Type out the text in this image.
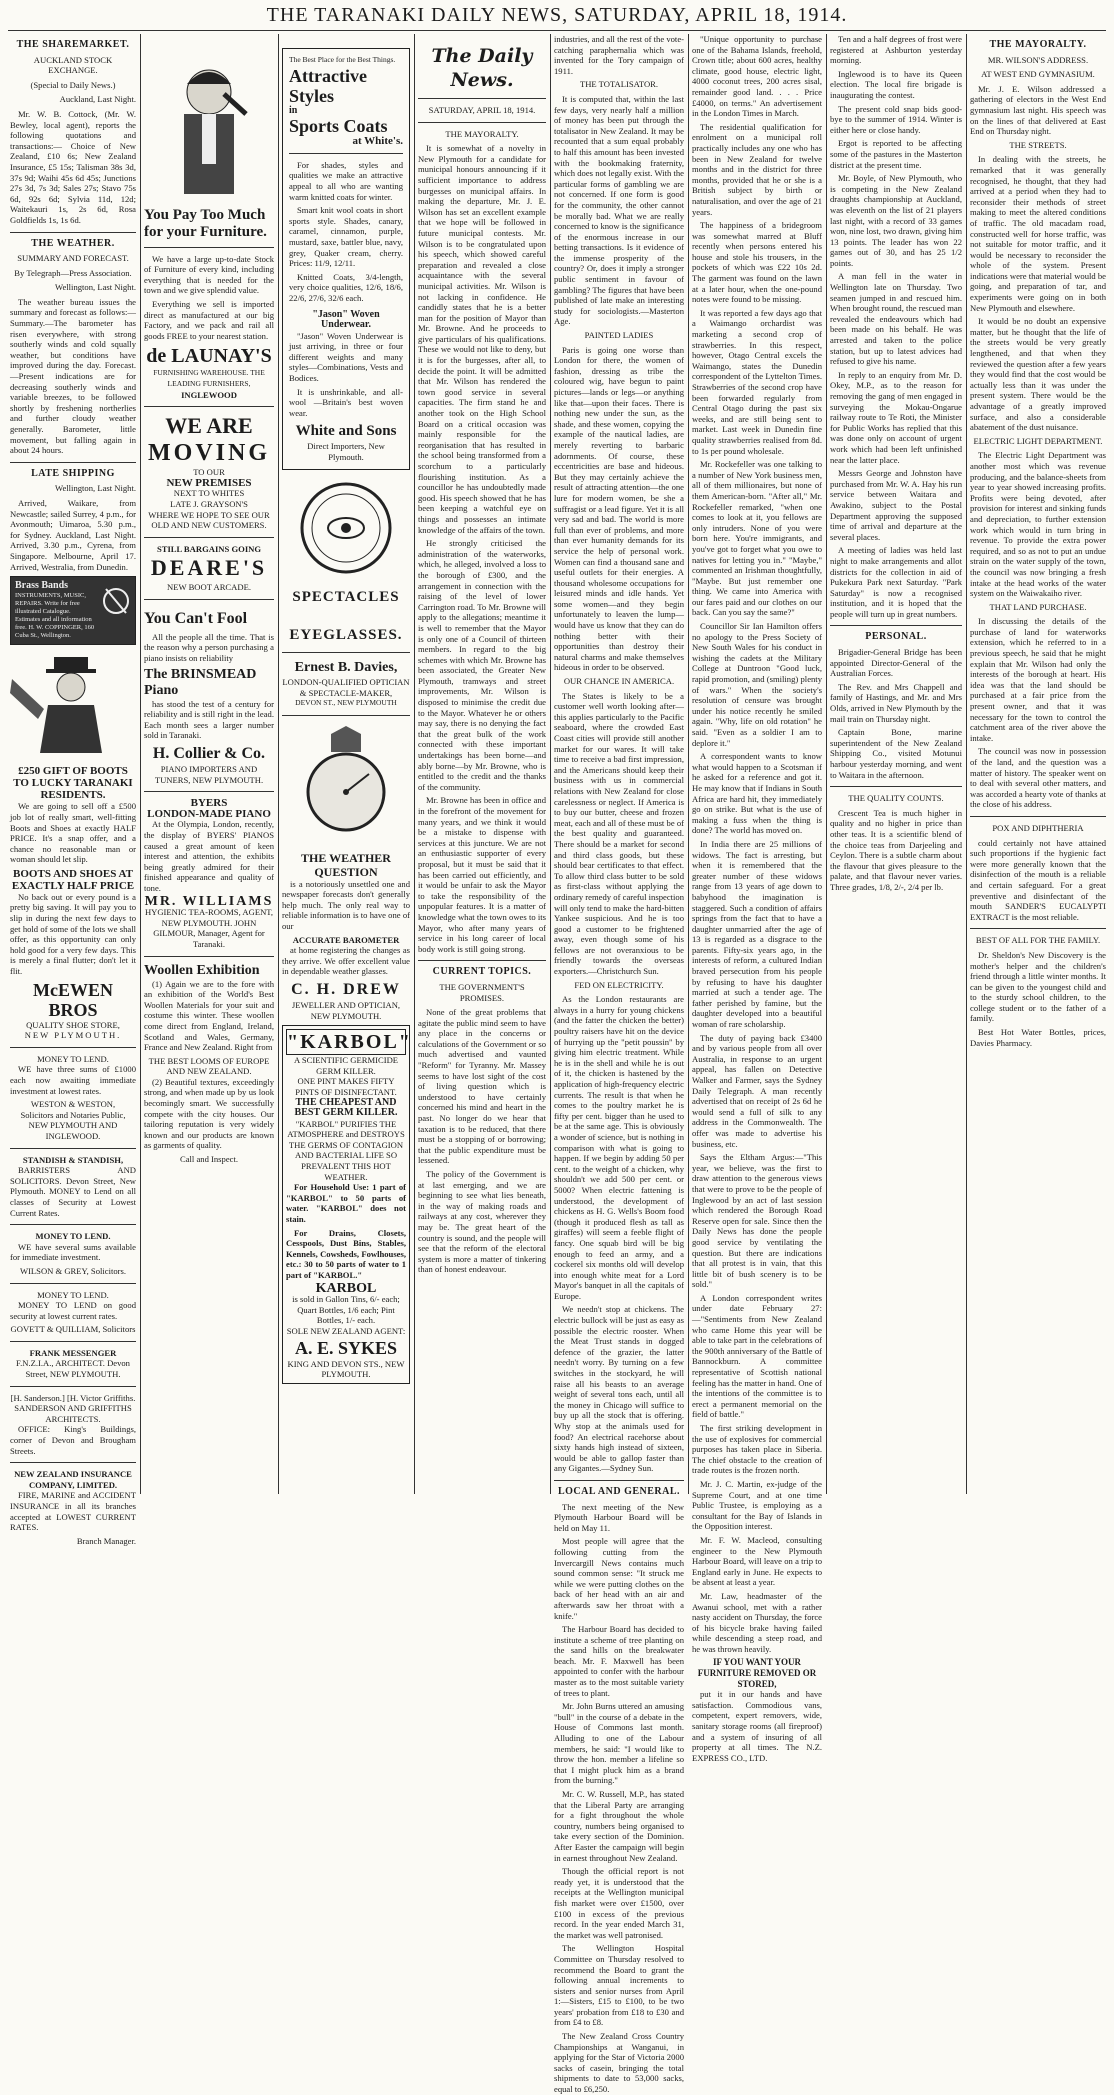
THE TARANAKI DAILY NEWS, SATURDAY, APRIL 18, 1914.
THE SHAREMARKET.
AUCKLAND STOCK EXCHANGE.
(Special to Daily News.)
Auckland, Last Night.

Mr. W. B. Cottock, (Mr. W. Bewley, local agent), reports the following quotations and transactions:— Choice of New Zealand, £10 6s; New Zealand Insurance, £5 15s; Talisman 38s 3d, 37s 9d; Waihi 45s 6d 45s; Junctions 27s 3d, 7s 3d; Sales 27s; Stavo 75s 6d, 92s 6d; Sylvia 11d, 12d; Waitekauri 1s, 2s 6d, Rosa Goldfields 1s, 1s 6d.

THE WEATHER.
SUMMARY AND FORECAST.
By Telegraph—Press Association.
Wellington, Last Night.

The weather bureau issues the summary and forecast as follows:— Summary.—The barometer has risen everywhere, with strong southerly winds and cold squally weather, but conditions have improved during the day. Forecast.—Present indications are for decreasing southerly winds and variable breezes, to be followed shortly by freshening northerlies and further cloudy weather generally. Barometer, little movement, but falling again in about 24 hours.

LATE SHIPPING
Wellington, Last Night.

Arrived, Waikare, from Newcastle; sailed Surrey, 4 p.m., for Avonmouth; Uimaroa, 5.30 p.m., for Sydney. Auckland, Last Night. Arrived, 3.30 p.m., Cyrena, from Singapore. Melbourne, April 17. Arrived, Westralia, from Dunedin.

Brass Bands
INSTRUMENTS, MUSIC, REPAIRS. Write for free illustrated Catalogue. Estimates and all information free. H. W. COPPINGER, 160 Cuba St., Wellington.
£250 GIFT OF BOOTS TO LUCKY TARANAKI RESIDENTS.

We are going to sell off a £500 job lot of really smart, well-fitting Boots and Shoes at exactly HALF PRICE. It's a snap offer, and a chance no reasonable man or woman should let slip.

BOOTS AND SHOES AT EXACTLY HALF PRICE

No back out or every pound is a pretty big saving. It will pay you to slip in during the next few days to get hold of some of the lots we shall offer, as this opportunity can only hold good for a very few days. This is merely a final flutter; don't let it flit.

McEWEN BROS
QUALITY SHOE STORE,
NEW PLYMOUTH.
MONEY TO LEND.

WE have three sums of £1000 each now awaiting immediate investment at lowest rates.

WESTON & WESTON,
Solicitors and Notaries Public, NEW PLYMOUTH AND INGLEWOOD.
STANDISH & STANDISH,

BARRISTERS AND SOLICITORS. Devon Street, New Plymouth. MONEY to Lend on all classes of Security at Lowest Current Rates.

MONEY TO LEND.

WE have several sums available for immediate investment.

WILSON & GREY, Solicitors.
MONEY TO LEND.

MONEY TO LEND on good security at lowest current rates.

GOVETT & QUILLIAM, Solicitors
FRANK MESSENGER
F.N.Z.I.A., ARCHITECT. Devon Street, NEW PLYMOUTH.
[H. Sanderson.] [H. Victor Griffiths. SANDERSON AND GRIFFITHS ARCHITECTS.

OFFICE: King's Buildings, corner of Devon and Brougham Streets.

NEW ZEALAND INSURANCE COMPANY, LIMITED.

FIRE, MARINE and ACCIDENT INSURANCE in all its branches accepted at LOWEST CURRENT RATES.

Branch Manager.
You Pay Too Much for your Furniture.

We have a large up-to-date Stock of Furniture of every kind, including everything that is needed for the town and we give splendid value.

Everything we sell is imported direct as manufactured at our big Factory, and we pack and rail all goods FREE to your nearest station.

de LAUNAY'S
FURNISHING WAREHOUSE. THE LEADING FURNISHERS,
INGLEWOOD
WE ARE
MOVING
TO OUR
NEW PREMISES
NEXT TO WHITES
LATE J. GRAYSON'S
WHERE WE HOPE TO SEE OUR OLD AND NEW CUSTOMERS.
STILL BARGAINS GOING
DEARE'S
NEW BOOT ARCADE.
You Can't Fool

All the people all the time. That is the reason why a person purchasing a piano insists on reliability

The BRINSMEAD Piano

has stood the test of a century for reliability and is still right in the lead. Each month sees a larger number sold in Taranaki.

H. Collier & Co.
PIANO IMPORTERS AND TUNERS, NEW PLYMOUTH.
BYERS
LONDON-MADE PIANO

At the Olympia, London, recently, the display of BYERS' PIANOS caused a great amount of keen interest and attention, the exhibits being greatly admired for their finished appearance and quality of tone.

MR. WILLIAMS
HYGIENIC TEA-ROOMS, AGENT, NEW PLYMOUTH. JOHN GILMOUR, Manager, Agent for Taranaki.
Woollen Exhibition

(1) Again we are to the fore with an exhibition of the World's Best Woollen Materials for your suit and costume this winter. These woollen come direct from England, Ireland, Scotland and Wales, Germany, France and New Zealand. Right from

THE BEST LOOMS OF EUROPE AND NEW ZEALAND.

(2) Beautiful textures, exceedingly strong, and when made up by us look becomingly smart. We successfully compete with the city houses. Our tailoring reputation is very widely known and our products are known as garments of quality.

Call and Inspect.
The Best Place for the Best Things.
Attractive
Styles
in
Sports Coats
at White's.

For shades, styles and qualities we make an attractive appeal to all who are wanting warm knitted coats for winter.

Smart knit wool coats in short sports style. Shades, canary, caramel, cinnamon, purple, mustard, saxe, battler blue, navy, grey, Quaker cream, cherry. Prices: 11/9, 12/11.

Knitted Coats, 3/4-length, very choice qualities, 12/6, 18/6, 22/6, 27/6, 32/6 each.

"Jason" Woven Underwear.

"Jason" Woven Underwear is just arriving, in three or four different weights and many styles—Combinations, Vests and Bodices.

It is unshrinkable, and all-wool —Britain's best woven wear.

White and Sons
Direct Importers, New Plymouth.
SPECTACLES
EYEGLASSES.
Ernest B. Davies,
LONDON-QUALIFIED OPTICIAN & SPECTACLE-MAKER,
DEVON ST., NEW PLYMOUTH
THE WEATHER QUESTION

is a notoriously unsettled one and newspaper forecasts don't generally help much. The only real way to reliable information is to have one of our

ACCURATE BAROMETER

at home registering the changes as they arrive. We offer excellent value in dependable weather glasses.

C. H. DREW
JEWELLER AND OPTICIAN, NEW PLYMOUTH.
"KARBOL"
A SCIENTIFIC GERMICIDE GERM KILLER.
ONE PINT MAKES FIFTY PINTS OF DISINFECTANT.
THE CHEAPEST AND BEST GERM KILLER.
"KARBOL" PURIFIES THE ATMOSPHERE and DESTROYS THE GERMS OF CONTAGION AND BACTERIAL LIFE SO PREVALENT THIS HOT WEATHER.

For Household Use: 1 part of "KARBOL" to 50 parts of water. "KARBOL" does not stain.

For Drains, Closets, Cesspools, Dust Bins, Stables, Kennels, Cowsheds, Fowlhouses, etc.: 30 to 50 parts of water to 1 part of "KARBOL."

KARBOL
is sold in Gallon Tins, 6/- each; Quart Bottles, 1/6 each; Pint Bottles, 1/- each.
SOLE NEW ZEALAND AGENT:
A. E. SYKES
KING AND DEVON STS., NEW PLYMOUTH.
The Daily News.
SATURDAY, APRIL 18, 1914.
THE MAYORALTY.

It is somewhat of a novelty in New Plymouth for a candidate for municipal honours announcing if it sufficient importance to address burgesses on municipal affairs. In making the departure, Mr. J. E. Wilson has set an excellent example that we hope will be followed in future municipal contests. Mr. Wilson is to be congratulated upon his speech, which showed careful preparation and revealed a close acquaintance with the several municipal activities. Mr. Wilson is not lacking in confidence. He candidly states that he is a better man for the position of Mayor than Mr. Browne. And he proceeds to give particulars of his qualifications. These we would not like to deny, but it is for the burgesses, after all, to decide the point. It will be admitted that Mr. Wilson has rendered the town good service in several capacities. The firm stand he and another took on the High School Board on a critical occasion was mainly responsible for the reorganisation that has resulted in the school being transformed from a scorchum to a particularly flourishing institution. As a councillor he has undoubtedly made good. His speech showed that he has been keeping a watchful eye on things and possesses an intimate knowledge of the affairs of the town.

He strongly criticised the administration of the waterworks, which, he alleged, involved a loss to the borough of £300, and the arrangement in connection with the raising of the level of lower Carrington road. To Mr. Browne will apply to the allegations; meantime it is well to remember that the Mayor is only one of a Council of thirteen members. In regard to the big schemes with which Mr. Browne has been associated, the Greater New Plymouth, tramways and street improvements, Mr. Wilson is disposed to minimise the credit due to the Mayor. Whatever he or others may say, there is no denying the fact that the great bulk of the work connected with these important undertakings has been borne—and ably borne—by Mr. Browne, who is entitled to the credit and the thanks of the community.

Mr. Browne has been in office and in the forefront of the movement for many years, and we think it would be a mistake to dispense with services at this juncture. We are not an enthusiastic supporter of every proposal, but it must be said that it has been carried out efficiently, and it would be unfair to ask the Mayor to take the responsibility of the unpopular features. It is a matter of knowledge what the town owes to its Mayor, who after many years of service in his long career of local body work is still going strong.

CURRENT TOPICS.
THE GOVERNMENT'S PROMISES.

None of the great problems that agitate the public mind seem to have any place in the concerns or calculations of the Government or so much advertised and vaunted "Reform" for Tyranny. Mr. Massey seems to have lost sight of the cost of living question which is understood to have certainly concerned his mind and heart in the past. No longer do we hear that taxation is to be reduced, that there must be a stopping of or borrowing; that the public expenditure must be lessened.

The policy of the Government is at last emerging, and we are beginning to see what lies beneath, in the way of making roads and railways at any cost, wherever they may be. The great heart of the country is sound, and the people will see that the reform of the electoral system is more a matter of tinkering than of honest endeavour.

industries, and all the rest of the vote-catching paraphernalia which was invented for the Tory campaign of 1911.

THE TOTALISATOR.

It is computed that, within the last few days, very nearly half a million of money has been put through the totalisator in New Zealand. It may be recounted that a sum equal probably to half this amount has been invested with the bookmaking fraternity, which does not legally exist. With the particular forms of gambling we are not concerned. If one form is good for the community, the other cannot be morally bad. What we are really concerned to know is the significance of the enormous increase in our betting transactions. Is it evidence of the immense prosperity of the country? Or, does it imply a stronger public sentiment in favour of gambling? The figures that have been published of late make an interesting study for sociologists.—Masterton Age.

PAINTED LADIES

Paris is going one worse than London for there, the women of fashion, dressing as tribe the coloured wig, have begun to paint pictures—lands or legs—or anything like that—upon their faces. There is nothing new under the sun, as the shade, and these women, copying the example of the nautical ladies, are merely reverting to barbaric adornments. Of course, these eccentricities are base and hideous. But they may certainly achieve the result of attracting attention—the one lure for modern women, be she a suffragist or a lead figure. Yet it is all very sad and bad. The world is more full than ever of problems, and more than ever humanity demands for its service the help of personal work. Women can find a thousand sane and useful outlets for their energies. A thousand wholesome occupations for leisured minds and idle hands. Yet some women—and they begin unfortunately to leaven the lump—would have us know that they can do nothing better with their opportunities than destroy their natural charms and make themselves hideous in order to be observed.

OUR CHANCE IN AMERICA.

The States is likely to be a customer well worth looking after—this applies particularly to the Pacific seaboard, where the crowded East Coast cities will provide still another market for our wares. It will take time to receive a bad first impression, and the Americans should keep their business with us in commercial relations with New Zealand for close carelessness or neglect. If America is to buy our butter, cheese and frozen meat, each and all of these must be of the best quality and guaranteed. There should be a market for second and third class goods, but these should bear certificates to that effect. To allow third class butter to be sold as first-class without applying the ordinary remedy of careful inspection will only tend to make the hard-bitten Yankee suspicious. And he is too good a customer to be frightened away, even though some of his fellows are not overanxious to be friendly towards the overseas exporters.—Christchurch Sun.

FED ON ELECTRICITY.

As the London restaurants are always in a hurry for young chickens (and the fatter the chicken the better) poultry raisers have hit on the device of hurrying up the "petit poussin" by giving him electric treatment. While he is in the shell and while he is out of it, the chicken is hastened by the application of high-frequency electric currents. The result is that when he comes to the poultry market he is fifty per cent. bigger than he used to be at the same age. This is obviously a wonder of science, but is nothing in comparison with what is going to happen. If we begin by adding 50 per cent. to the weight of a chicken, why shouldn't we add 500 per cent. or 5000? When electric fattening is understood, the development of chickens as H. G. Wells's Boom food (though it produced flesh as tall as giraffes) will seem a feeble flight of fancy. One squab bird will be big enough to feed an army, and a cockerel six months old will develop into enough white meat for a Lord Mayor's banquet in all the capitals of Europe.

We needn't stop at chickens. The electric bullock will be just as easy as possible the electric rooster. When the Meat Trust stands in dogged defence of the grazier, the latter needn't worry. By turning on a few switches in the stockyard, he will raise all his beasts to an average weight of several tons each, until all the money in Chicago will suffice to buy up all the stock that is offering. Why stop at the animals used for food? An electrical racehorse about sixty hands high instead of sixteen, would be able to gallop faster than any Gigantes.—Sydney Sun.

LOCAL AND GENERAL.

The next meeting of the New Plymouth Harbour Board will be held on May 11.

Most people will agree that the following cutting from the Invercargill News contains much sound common sense: "It struck me while we were putting clothes on the back of her head with an air and afterwards saw her throat with a knife."

The Harbour Board has decided to institute a scheme of tree planting on the sand hills on the breakwater beach. Mr. F. Maxwell has been appointed to confer with the harbour master as to the most suitable variety of trees to plant.

Mr. John Burns uttered an amusing "bull" in the course of a debate in the House of Commons last month. Alluding to one of the Labour members, he said: "I would like to throw the hon. member a lifeline so that I might pluck him as a brand from the burning."

Mr. C. W. Russell, M.P., has stated that the Liberal Party are arranging for a fight throughout the whole country, numbers being organised to take every section of the Dominion. After Easter the campaign will begin in earnest throughout New Zealand.

Though the official report is not ready yet, it is understood that the receipts at the Wellington municipal fish market were over £1500, over £100 in excess of the previous record. In the year ended March 31, the market was well patronised.

The Wellington Hospital Committee on Thursday resolved to recommend the Board to grant the following annual increments to sisters and senior nurses from April 1:—Sisters, £15 to £100, to be two years' probation from £18 to £30 and from £4 to £8.

The New Zealand Cross Country Championships at Wanganui, in applying for the Star of Victoria 2000 sacks of casein, bringing the total shipments to date to 53,000 sacks, equal to £6,250.

"Unique opportunity to purchase one of the Bahama Islands, freehold, Crown title; about 600 acres, healthy climate, good house, electric light, 4000 coconut trees, 200 acres sisal, remainder good land. . . . Price £4000, on terms." An advertisement in the London Times in March.

The residential qualification for enrolment on a municipal roll practically includes any one who has been in New Zealand for twelve months and in the district for three months, provided that he or she is a British subject by birth or naturalisation, and over the age of 21 years.

The happiness of a bridegroom was somewhat marred at Bluff recently when persons entered his house and stole his trousers, in the pockets of which was £22 10s 2d. The garment was found on the lawn at a later hour, when the one-pound notes were found to be missing.

It was reported a few days ago that a Waimango orchardist was marketing a second crop of strawberries. In this respect, however, Otago Central excels the Waimango, states the Dunedin correspondent of the Lyttelton Times. Strawberries of the second crop have been forwarded regularly from Central Otago during the past six weeks, and are still being sent to market. Last week in Dunedin fine quality strawberries realised from 8d. to 1s per pound wholesale.

Mr. Rockefeller was one talking to a number of New York business men, all of them millionaires, but none of them American-born. "After all," Mr. Rockefeller remarked, "when one comes to look at it, you fellows are only intruders. None of you were born here. You're immigrants, and you've got to forget what you owe to natives for letting you in." "Maybe," commented an Irishman thoughtfully, "Maybe. But just remember one thing. We came into America with our fares paid and our clothes on our back. Can you say the same?"

Councillor Sir Ian Hamilton offers no apology to the Press Society of New South Wales for his conduct in wishing the cadets at the Military College at Duntroon "Good luck, rapid promotion, and (smiling) plenty of wars." When the society's resolution of censure was brought under his notice recently he smiled again. "Why, life on old rotation" he said. "Even as a soldier I am to deplore it."

A correspondent wants to know what would happen to a Scotsman if he asked for a reference and got it. He may know that if Indians in South Africa are hard hit, they immediately go on strike. But what is the use of making a fuss when the thing is done? The world has moved on.

In India there are 25 millions of widows. The fact is arresting, but when it is remembered that the greater number of these widows range from 13 years of age down to babyhood the imagination is staggered. Such a condition of affairs springs from the fact that to have a daughter unmarried after the age of 13 is regarded as a disgrace to the parents. Fifty-six years ago, in the interests of reform, a cultured Indian braved persecution from his people by refusing to have his daughter married at such a tender age. The father perished by famine, but the daughter developed into a beautiful woman of rare scholarship.

The duty of paying back £3400 and by various people from all over Australia, in response to an urgent appeal, has fallen on Detective Walker and Farmer, says the Sydney Daily Telegraph. A man recently advertised that on receipt of 2s 6d he would send a full of silk to any address in the Commonwealth. The offer was made to advertise his business, etc.

Says the Eltham Argus:—"This year, we believe, was the first to draw attention to the generous views that were to prove to be the people of Inglewood by an act of last session which rendered the Borough Road Reserve open for sale. Since then the Daily News has done the people good service by ventilating the question. But there are indications that all protest is in vain, that this little bit of bush scenery is to be sold."

A London correspondent writes under date February 27:—"Sentiments from New Zealand who came Home this year will be able to take part in the celebrations of the 900th anniversary of the Battle of Bannockburn. A committee representative of Scottish national feeling has the matter in hand. One of the intentions of the committee is to erect a permanent memorial on the field of battle."

The first striking development in the use of explosives for commercial purposes has taken place in Siberia. The chief obstacle to the creation of trade routes is the frozen north.

Mr. J. C. Martin, ex-judge of the Supreme Court, and at one time Public Trustee, is employing as a consultant for the Bay of Islands in the Opposition interest.

Mr. F. W. Macleod, consulting engineer to the New Plymouth Harbour Board, will leave on a trip to England early in June. He expects to be absent at least a year.

Mr. Law, headmaster of the Awanui school, met with a rather nasty accident on Thursday, the force of his bicycle brake having failed while descending a steep road, and he was thrown heavily.

IF YOU WANT YOUR FURNITURE REMOVED OR STORED,

put it in our hands and have satisfaction. Commodious vans, competent, expert removers, wide, sanitary storage rooms (all fireproof) and a system of insuring of all property at all times. The N.Z. EXPRESS CO., LTD.

Ten and a half degrees of frost were registered at Ashburton yesterday morning.

Inglewood is to have its Queen election. The local fire brigade is inaugurating the contest.

The present cold snap bids good-bye to the summer of 1914. Winter is either here or close handy.

Ergot is reported to be affecting some of the pastures in the Masterton district at the present time.

Mr. Boyle, of New Plymouth, who is competing in the New Zealand draughts championship at Auckland, was eleventh on the list of 21 players last night, with a record of 33 games won, nine lost, two drawn, giving him 13 points. The leader has won 22 games out of 30, and has 25 1/2 points.

A man fell in the water in Wellington late on Thursday. Two seamen jumped in and rescued him. When brought round, the rescued man revealed the endeavours which had been made on his behalf. He was arrested and taken to the police station, but up to latest advices had refused to give his name.

In reply to an enquiry from Mr. D. Okey, M.P., as to the reason for removing the gang of men engaged in surveying the Mokau-Ongarue railway route to Te Roti, the Minister for Public Works has replied that this was done only on account of urgent work which had been left unfinished near the latter place.

Messrs George and Johnston have purchased from Mr. W. A. Hay his run service between Waitara and Awakino, subject to the Postal Department approving the supposed time of arrival and departure at the several places.

A meeting of ladies was held last night to make arrangements and allot districts for the collection in aid of Pukekura Park next Saturday. "Park Saturday" is now a recognised institution, and it is hoped that the people will turn up in great numbers.

PERSONAL.

Brigadier-General Bridge has been appointed Director-General of the Australian Forces.

The Rev. and Mrs Chappell and family of Hastings, and Mr. and Mrs Olds, arrived in New Plymouth by the mail train on Thursday night.

Captain Bone, marine superintendent of the New Zealand Shipping Co., visited Motunui harbour yesterday morning, and went to Waitara in the afternoon.

THE QUALITY COUNTS.

Crescent Tea is much higher in quality and no higher in price than other teas. It is a scientific blend of the choice teas from Darjeeling and Ceylon. There is a subtle charm about the flavour that gives pleasure to the palate, and that flavour never varies. Three grades, 1/8, 2/-, 2/4 per lb.

THE MAYORALTY.
MR. WILSON'S ADDRESS.
AT WEST END GYMNASIUM.

Mr. J. E. Wilson addressed a gathering of electors in the West End gymnasium last night. His speech was on the lines of that delivered at East End on Thursday night.

THE STREETS.

In dealing with the streets, he remarked that it was generally recognised, he thought, that they had arrived at a period when they had to reconsider their methods of street making to meet the altered conditions of traffic. The old macadam road, constructed well for horse traffic, was not suitable for motor traffic, and it would be necessary to reconsider the whole of the system. Present indications were that material would be going, and preparation of tar, and experiments were going on in both New Plymouth and elsewhere.

It would be no doubt an expensive matter, but he thought that the life of the streets would be very greatly lengthened, and that when they reviewed the question after a few years they would find that the cost would be actually less than it was under the present system. There would be the advantage of a greatly improved surface, and also a considerable abatement of the dust nuisance.

ELECTRIC LIGHT DEPARTMENT.

The Electric Light Department was another most which was revenue producing, and the balance-sheets from year to year showed increasing profits. Profits were being devoted, after provision for interest and sinking funds and depreciation, to further extension work which would in turn bring in revenue. To provide the extra power required, and so as not to put an undue strain on the water supply of the town, the council was now bringing a fresh intake at the head works of the water system on the Waiwakaiho river.

THAT LAND PURCHASE.

In discussing the details of the purchase of land for waterworks extension, which he referred to in a previous speech, he said that he might explain that Mr. Wilson had only the interests of the borough at heart. His idea was that the land should be purchased at a fair price from the present owner, and that it was necessary for the town to control the catchment area of the river above the intake.

The council was now in possession of the land, and the question was a matter of history. The speaker went on to deal with several other matters, and was accorded a hearty vote of thanks at the close of his address.

POX AND DIPHTHERIA

could certainly not have attained such proportions if the hygienic fact were more generally known that the disinfection of the mouth is a reliable and certain safeguard. For a great preventive and disinfectant of the mouth SANDER'S EUCALYPTI EXTRACT is the most reliable.

BEST OF ALL FOR THE FAMILY.

Dr. Sheldon's New Discovery is the mother's helper and the children's friend through a little winter months. It can be given to the youngest child and to the sturdy school children, to the college student or to the father of a family.

Best Hot Water Bottles, prices, Davies Pharmacy.
